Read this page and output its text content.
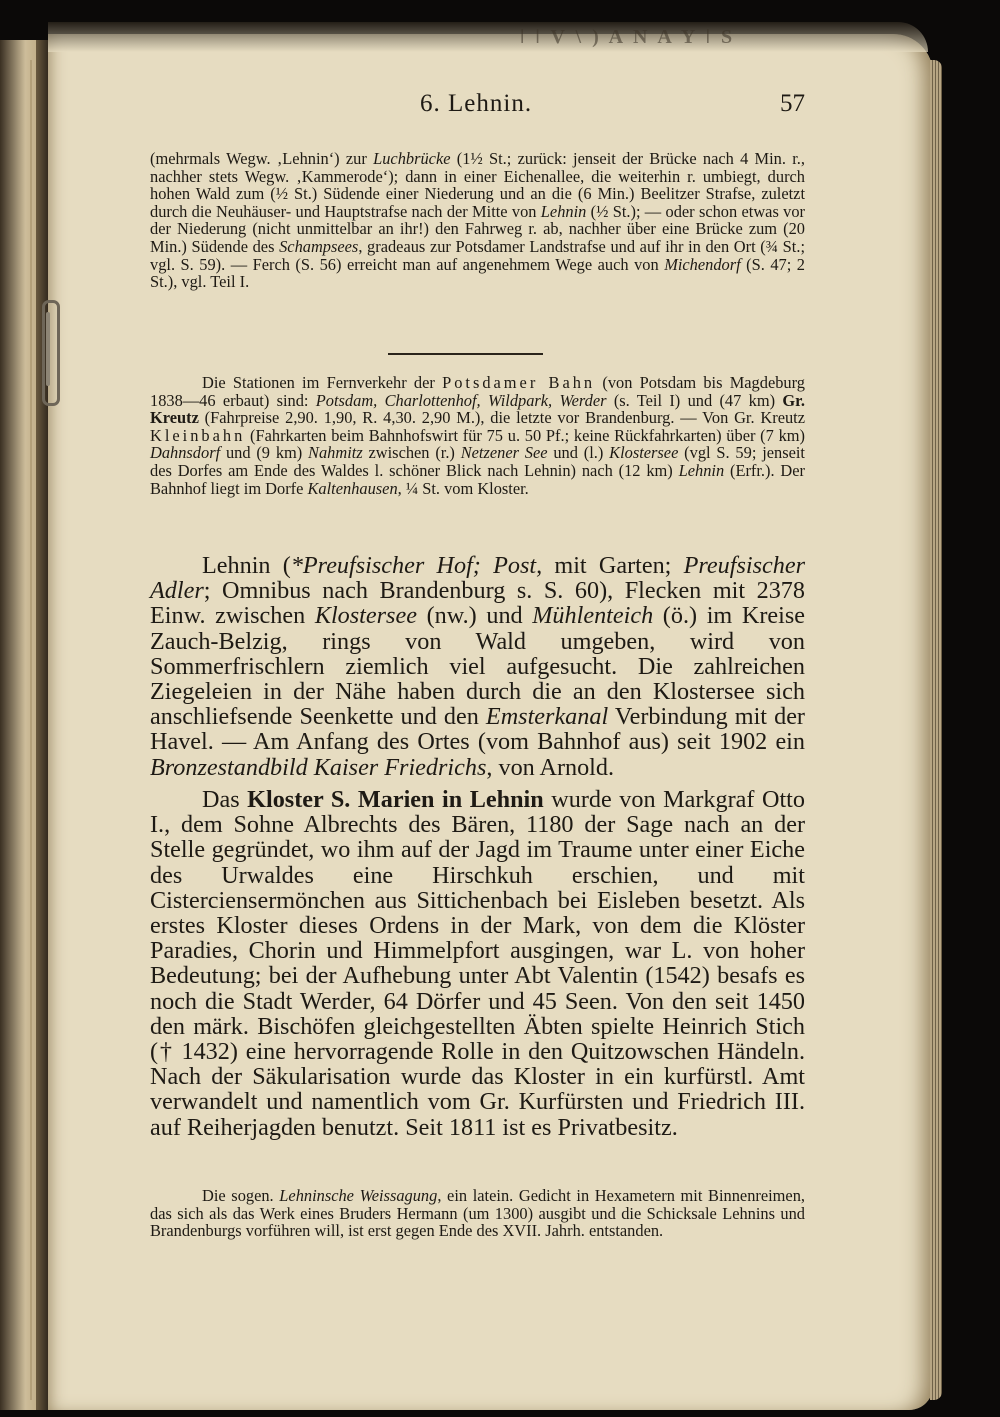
ǀ ǀ V \ ) A N A Y ǀ S
6. Lehnin.	57
(mehrmals Wegw. ‚Lehnin‘) zur Luchbrücke (1½ St.; zurück: jenseit der Brücke nach 4 Min. r., nachher stets Wegw. ‚Kammerode‘); dann in einer Eichenallee, die weiterhin r. umbiegt, durch hohen Wald zum (½ St.) Südende einer Niederung und an die (6 Min.) Beelitzer Strafse, zuletzt durch die Neuhäuser- und Hauptstrafse nach der Mitte von Lehnin (½ St.); — oder schon etwas vor der Niederung (nicht unmittelbar an ihr!) den Fahrweg r. ab, nachher über eine Brücke zum (20 Min.) Südende des Schampsees, gradeaus zur Potsdamer Landstrafse und auf ihr in den Ort (¾ St.; vgl. S. 59). — Ferch (S. 56) erreicht man auf angenehmem Wege auch von Michendorf (S. 47; 2 St.), vgl. Teil I.
Die Stationen im Fernverkehr der Potsdamer Bahn (von Potsdam bis Magdeburg 1838—46 erbaut) sind: Potsdam, Charlottenhof, Wildpark, Werder (s. Teil I) und (47 km) Gr. Kreutz (Fahrpreise 2,90. 1,90, R. 4,30. 2,90 M.), die letzte vor Brandenburg. — Von Gr. Kreutz Kleinbahn (Fahrkarten beim Bahnhofswirt für 75 u. 50 Pf.; keine Rückfahrkarten) über (7 km) Dahnsdorf und (9 km) Nahmitz zwischen (r.) Netzener See und (l.) Klostersee (vgl S. 59; jenseit des Dorfes am Ende des Waldes l. schöner Blick nach Lehnin) nach (12 km) Lehnin (Erfr.). Der Bahnhof liegt im Dorfe Kaltenhausen, ¼ St. vom Kloster.
Lehnin (*Preufsischer Hof; Post, mit Garten; Preufsischer Adler; Omnibus nach Brandenburg s. S. 60), Flecken mit 2378 Einw. zwischen Klostersee (nw.) und Mühlenteich (ö.) im Kreise Zauch-Belzig, rings von Wald umgeben, wird von Sommerfrischlern ziemlich viel aufgesucht. Die zahlreichen Ziegeleien in der Nähe haben durch die an den Klostersee sich anschliefsende Seenkette und den Emsterkanal Verbindung mit der Havel. — Am Anfang des Ortes (vom Bahnhof aus) seit 1902 ein Bronzestandbild Kaiser Friedrichs, von Arnold.
Das Kloster S. Marien in Lehnin wurde von Markgraf Otto I., dem Sohne Albrechts des Bären, 1180 der Sage nach an der Stelle gegründet, wo ihm auf der Jagd im Traume unter einer Eiche des Urwaldes eine Hirschkuh erschien, und mit Cisterciensermönchen aus Sittichenbach bei Eisleben besetzt. Als erstes Kloster dieses Ordens in der Mark, von dem die Klöster Paradies, Chorin und Himmelpfort ausgingen, war L. von hoher Bedeutung; bei der Aufhebung unter Abt Valentin (1542) besafs es noch die Stadt Werder, 64 Dörfer und 45 Seen. Von den seit 1450 den märk. Bischöfen gleichgestellten Äbten spielte Heinrich Stich († 1432) eine hervorragende Rolle in den Quitzowschen Händeln. Nach der Säkularisation wurde das Kloster in ein kurfürstl. Amt verwandelt und namentlich vom Gr. Kurfürsten und Friedrich III. auf Reiherjagden benutzt. Seit 1811 ist es Privatbesitz.
Die sogen. Lehninsche Weissagung, ein latein. Gedicht in Hexametern mit Binnenreimen, das sich als das Werk eines Bruders Hermann (um 1300) ausgibt und die Schicksale Lehnins und Brandenburgs vorführen will, ist erst gegen Ende des XVII. Jahrh. entstanden.
